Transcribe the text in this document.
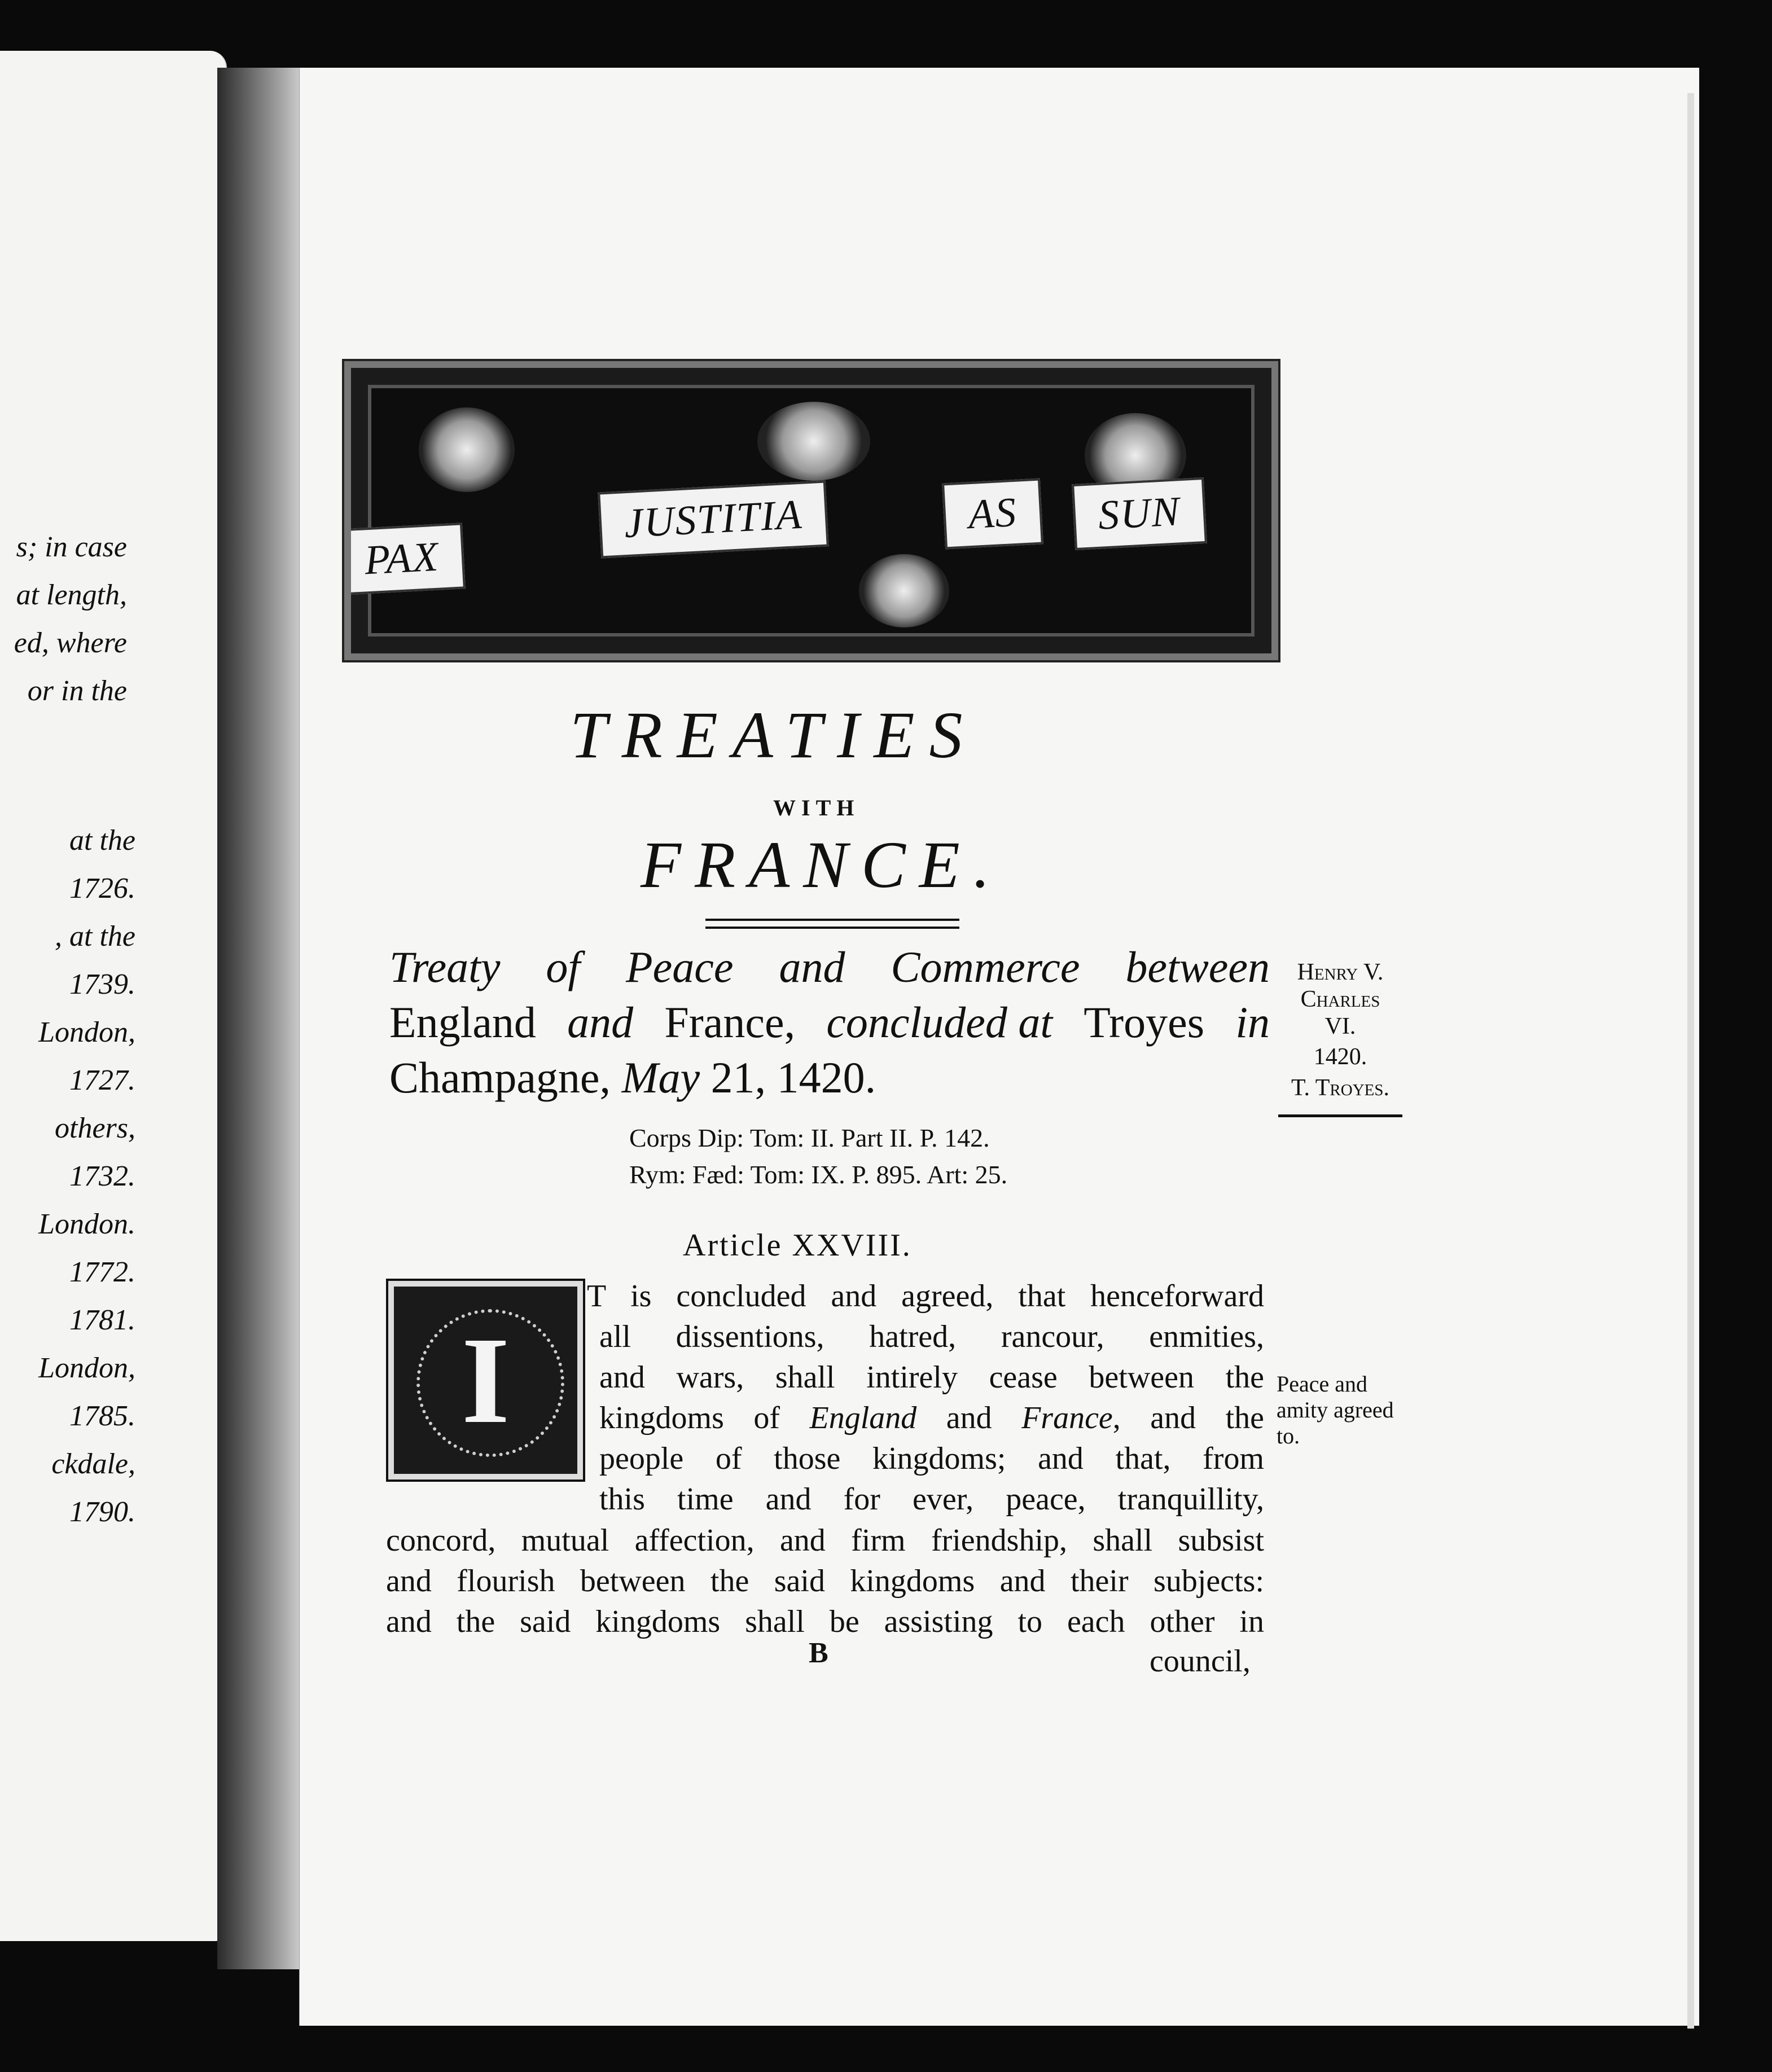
s; in case
at length,
ed, where
or in the
at the
1726.
, at the
1739.
London,
1727.
others,
1732.
London.
1772.
1781.
London,
1785.
ckdale,
1790.
PAX
JUSTITIA	AS	SUN
TREATIES
WITH
FRANCE.
Treaty of Peace and Commerce between
England and France, concluded at Troyes in
Champagne, May 21, 1420.
Corps Dip: Tom: II. Part II. P. 142.
Rym: Fæd: Tom: IX. P. 895. Art: 25.
Article XXVIII.
I
T is concluded and agreed, that henceforward
all dissentions, hatred, rancour, enmities,
and wars, shall intirely cease between the
kingdoms of England and France, and the
people of those kingdoms; and that, from
this time and for ever, peace, tranquillity,
concord, mutual affection, and firm friendship, shall subsist
and flourish between the said kingdoms and their subjects:
and the said kingdoms shall be assisting to each other in
B	council,
Henry V.
Charles
VI.
1420.
T. Troyes.
Peace and
amity agreed
to.
